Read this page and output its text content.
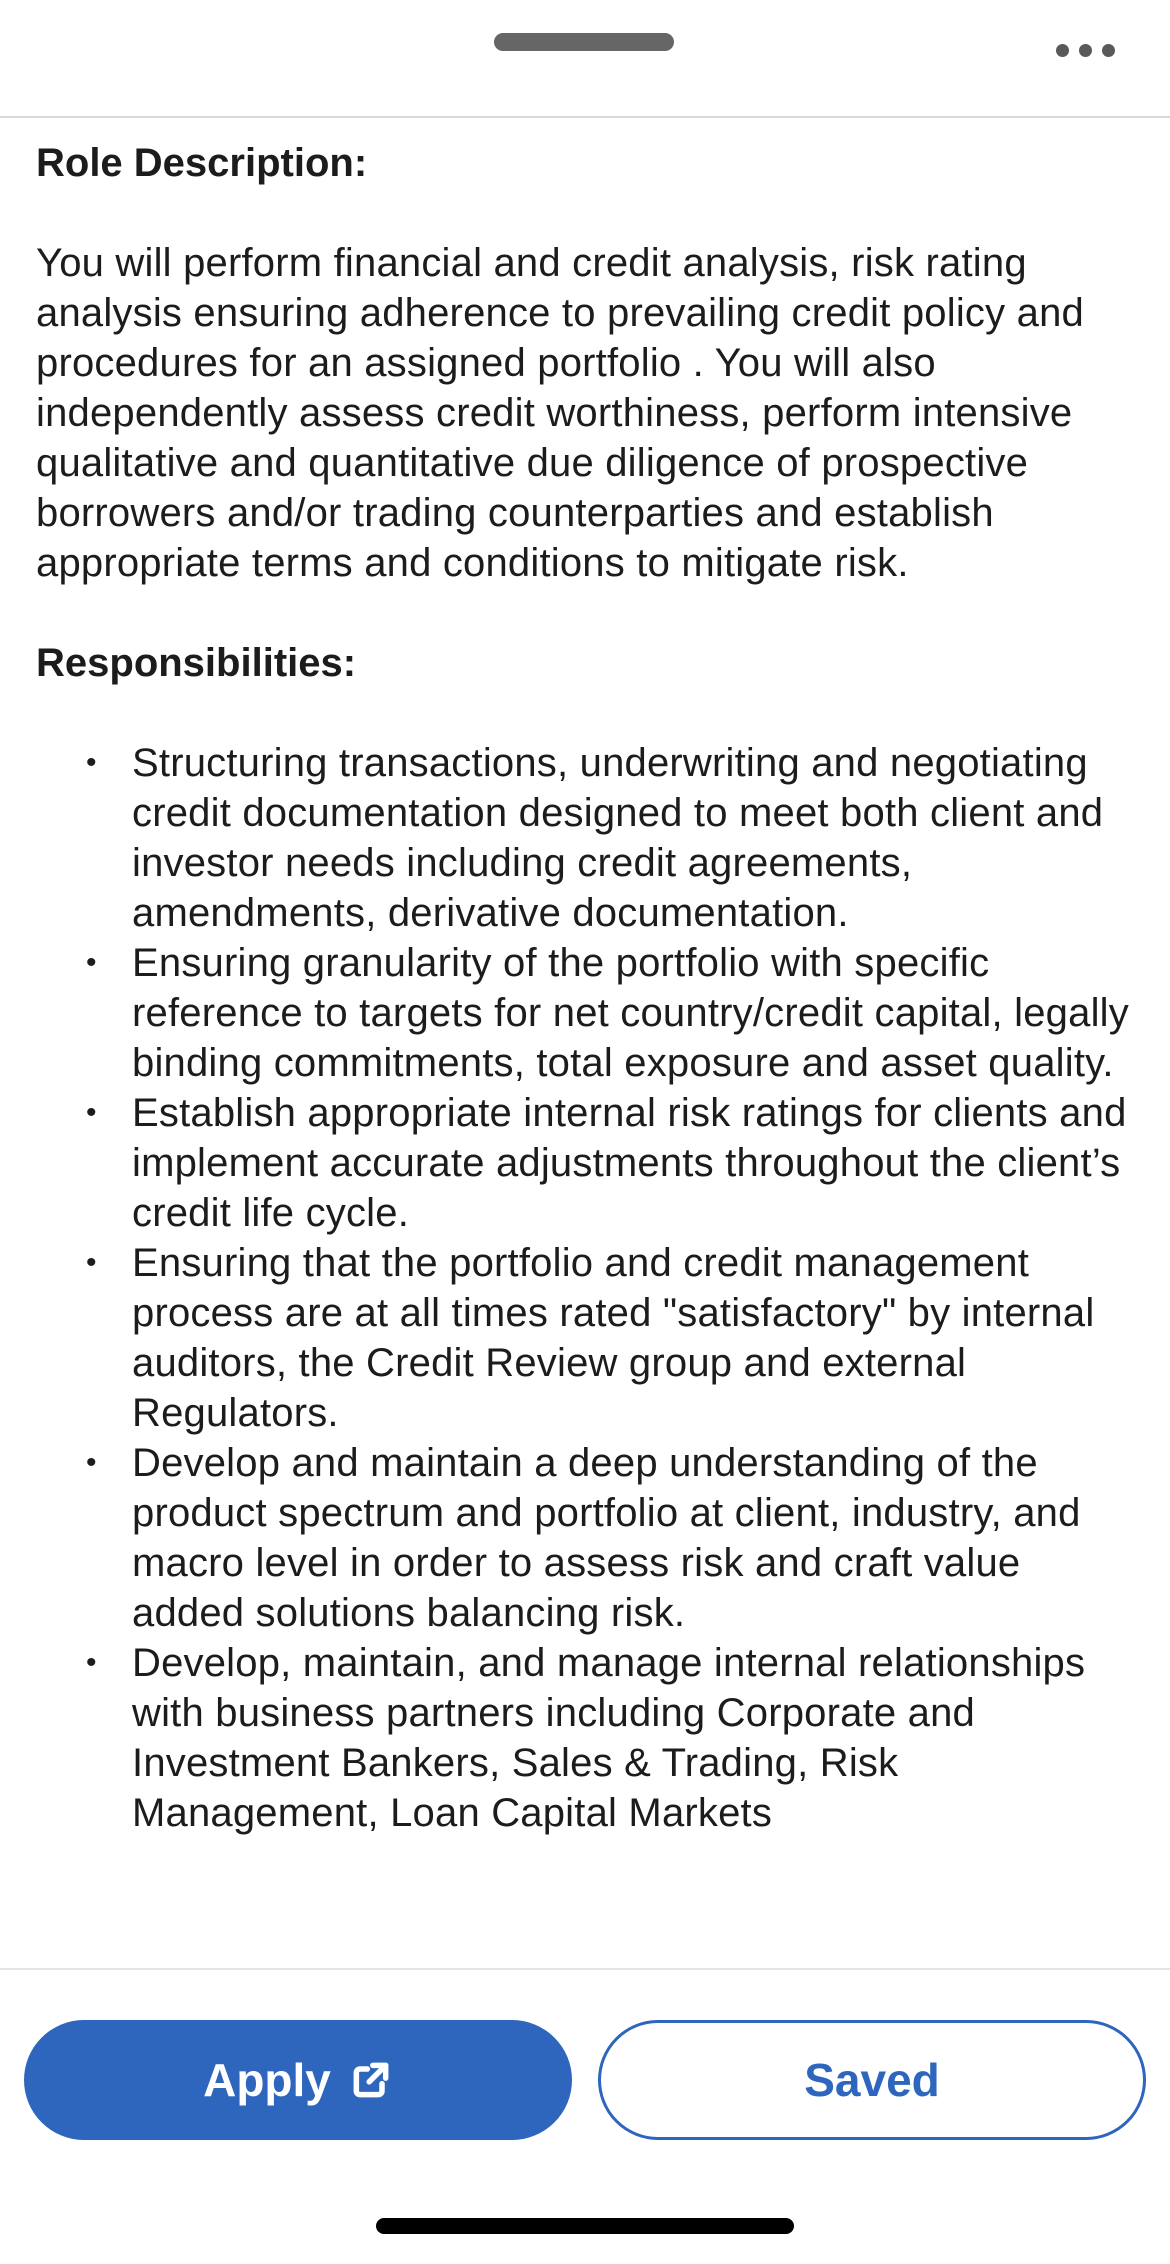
Role Description:
You will perform financial and credit analysis, risk rating analysis ensuring adherence to prevailing credit policy and procedures for an assigned portfolio . You will also independently assess credit worthiness, perform intensive qualitative and quantitative due diligence of prospective borrowers and/or trading counterparties and establish appropriate terms and conditions to mitigate risk.
Responsibilities:
• Structuring transactions, underwriting and negotiating credit documentation designed to meet both client and investor needs including credit agreements, amendments, derivative documentation.
• Ensuring granularity of the portfolio with specific reference to targets for net country/credit capital, legally binding commitments, total exposure and asset quality.
• Establish appropriate internal risk ratings for clients and implement accurate adjustments throughout the client’s credit life cycle.
• Ensuring that the portfolio and credit management process are at all times rated "satisfactory" by internal auditors, the Credit Review group and external Regulators.
• Develop and maintain a deep understanding of the product spectrum and portfolio at client, industry, and macro level in order to assess risk and craft value added solutions balancing risk.
• Develop, maintain, and manage internal relationships with business partners including Corporate and Investment Bankers, Sales & Trading, Risk Management, Loan Capital Markets
Apply	Saved
